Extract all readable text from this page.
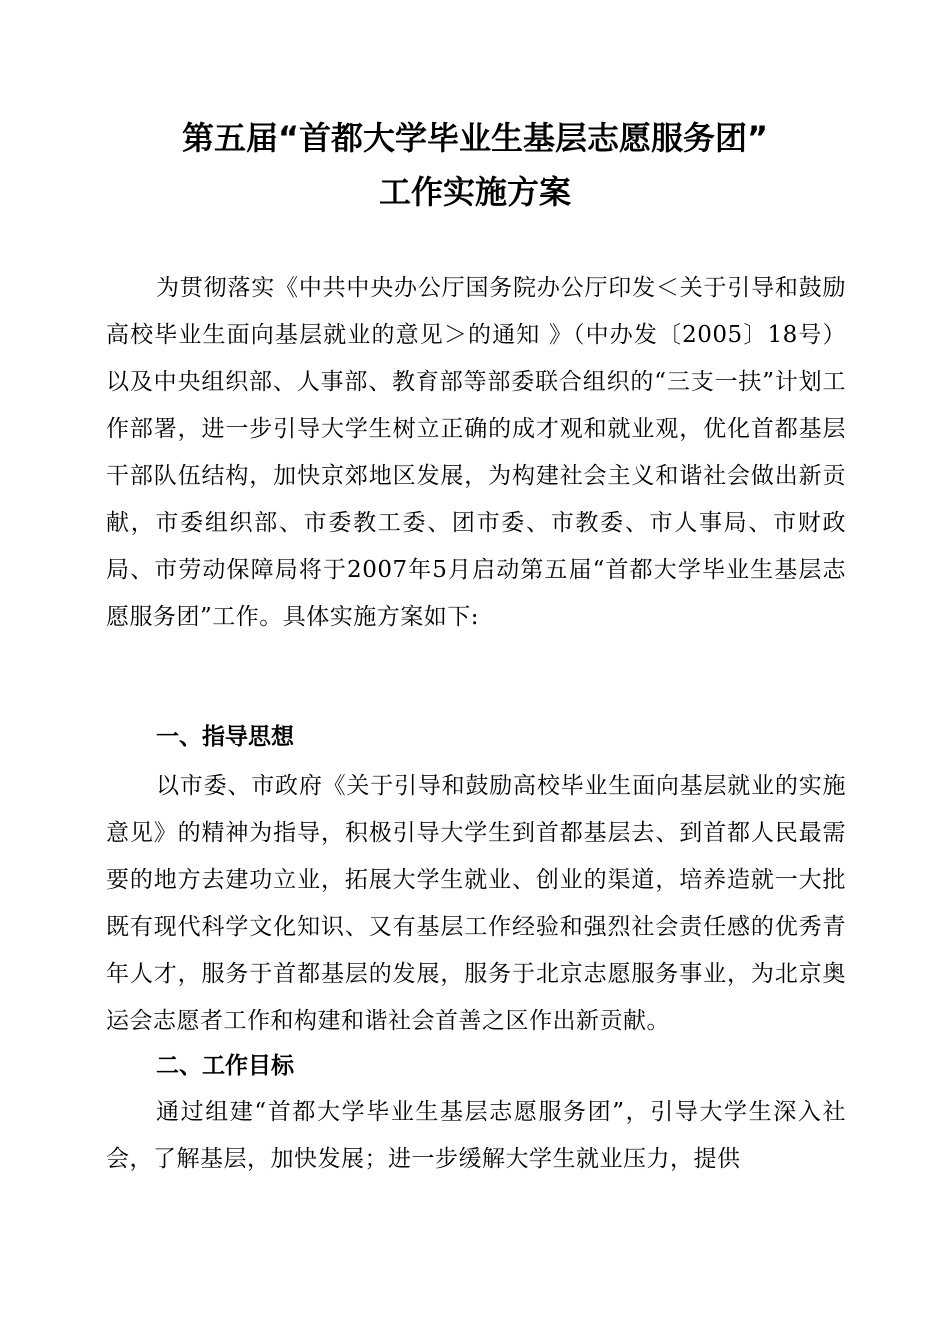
第五届“首都大学毕业生基层志愿服务团”
工作实施方案

为贯彻落实《中共中央办公厅国务院办公厅印发＜关于引导和鼓励高校毕业生面向基层就业的意见＞的通知 》（中办发〔2005〕18号）以及中央组织部、人事部、教育部等部委联合组织的“三支一扶”计划工作部署，进一步引导大学生树立正确的成才观和就业观，优化首都基层干部队伍结构，加快京郊地区发展，为构建社会主义和谐社会做出新贡献，市委组织部、市委教工委、团市委、市教委、市人事局、市财政局、市劳动保障局将于2007年5月启动第五届“首都大学毕业生基层志愿服务团”工作。具体实施方案如下:

一、指导思想

以市委、市政府《关于引导和鼓励高校毕业生面向基层就业的实施意见》的精神为指导，积极引导大学生到首都基层去、到首都人民最需要的地方去建功立业，拓展大学生就业、创业的渠道，培养造就一大批既有现代科学文化知识、又有基层工作经验和强烈社会责任感的优秀青年人才，服务于首都基层的发展，服务于北京志愿服务事业，为北京奥运会志愿者工作和构建和谐社会首善之区作出新贡献。

二、工作目标

通过组建“首都大学毕业生基层志愿服务团”，引导大学生深入社会，了解基层，加快发展；进一步缓解大学生就业压力，提供
